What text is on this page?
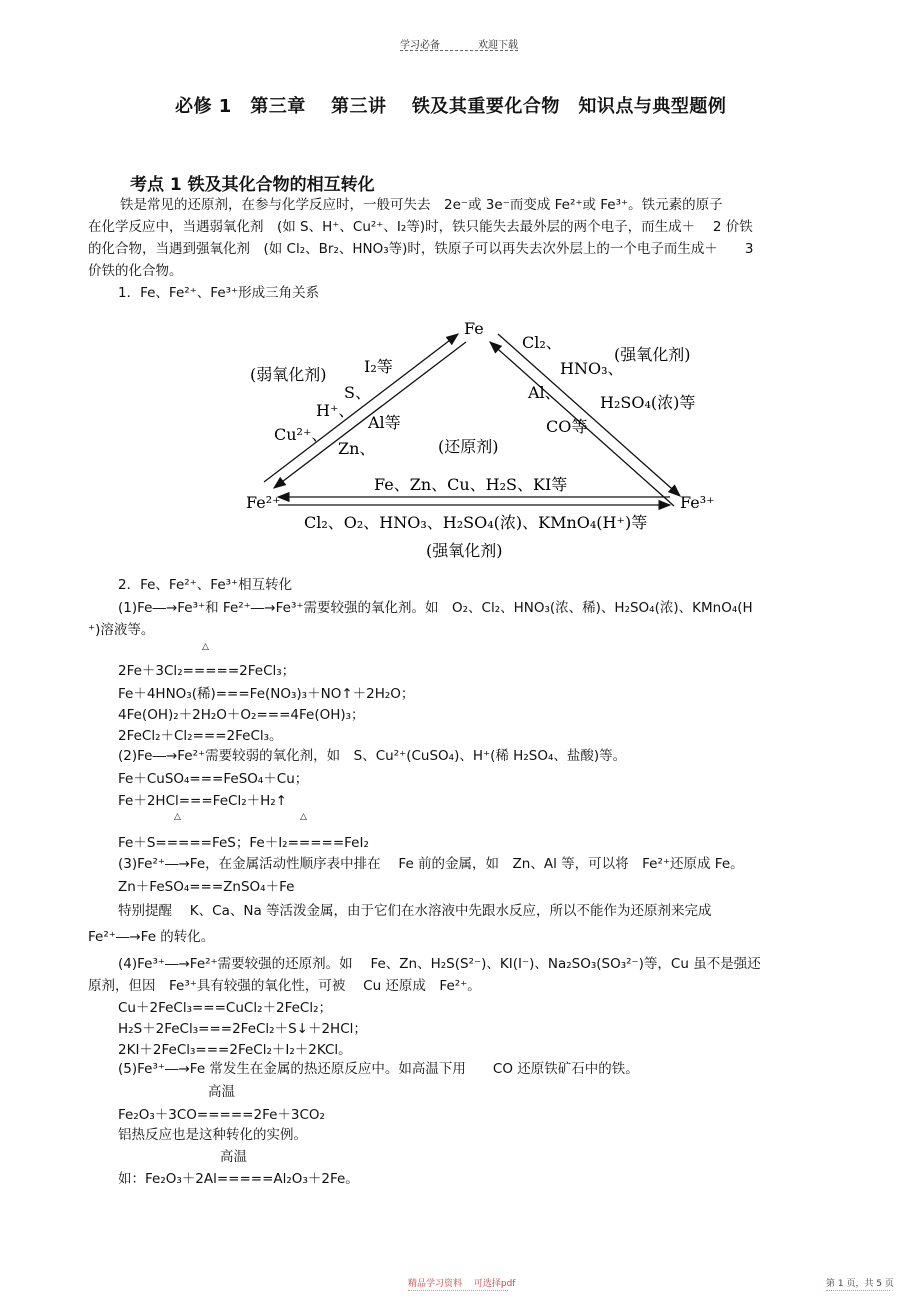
学习必备	欢迎下载
必修 1　第三章　 第三讲　 铁及其重要化合物　知识点与典型题例
考点 1 铁及其化合物的相互转化
铁是常见的还原剂，在参与化学反应时，一般可失去　2e⁻或 3e⁻而变成 Fe²⁺或 Fe³⁺。铁元素的原子
在化学反应中，当遇弱氧化剂　(如 S、H⁺、Cu²⁺、I₂等)时，铁只能失去最外层的两个电子，而生成＋　 2 价铁
的化合物，当遇到强氧化剂　(如 Cl₂、Br₂、HNO₃等)时，铁原子可以再失去次外层上的一个电子而生成＋　　3
价铁的化合物。
1．Fe、Fe²⁺、Fe³⁺形成三角关系
Fe
Fe²⁺	Fe³⁺
(弱氧化剂) I₂等
S、
H⁺、
Cu²⁺、
Al等
Zn、	(还原剂)
Cl₂、
HNO₃、
(强氧化剂)
H₂SO₄(浓)等
Al、
CO等
Fe、Zn、Cu、H₂S、KI等
Cl₂、O₂、HNO₃、H₂SO₄(浓)、KMnO₄(H⁺)等
(强氧化剂)
2．Fe、Fe²⁺、Fe³⁺相互转化
(1)Fe―→Fe³⁺和 Fe²⁺―→Fe³⁺需要较强的氧化剂。如　O₂、Cl₂、HNO₃(浓、稀)、H₂SO₄(浓)、KMnO₄(H
⁺)溶液等。
△
2Fe＋3Cl₂=====2FeCl₃；
Fe＋4HNO₃(稀)===Fe(NO₃)₃＋NO↑＋2H₂O；
4Fe(OH)₂＋2H₂O＋O₂===4Fe(OH)₃；
2FeCl₂＋Cl₂===2FeCl₃。
(2)Fe―→Fe²⁺需要较弱的氧化剂，如　S、Cu²⁺(CuSO₄)、H⁺(稀 H₂SO₄、盐酸)等。
Fe＋CuSO₄===FeSO₄＋Cu；
Fe＋2HCl===FeCl₂＋H₂↑
△	△
Fe＋S=====FeS；Fe＋I₂=====FeI₂
(3)Fe²⁺―→Fe，在金属活动性顺序表中排在　 Fe 前的金属，如　Zn、Al 等，可以将　Fe²⁺还原成 Fe。
Zn＋FeSO₄===ZnSO₄＋Fe
特别提醒　 K、Ca、Na 等活泼金属，由于它们在水溶液中先跟水反应，所以不能作为还原剂来完成
Fe²⁺―→Fe 的转化。
(4)Fe³⁺―→Fe²⁺需要较强的还原剂。如　 Fe、Zn、H₂S(S²⁻)、KI(I⁻)、Na₂SO₃(SO₃²⁻)等，Cu 虽不是强还
原剂，但因　Fe³⁺具有较强的氧化性，可被　 Cu 还原成　Fe²⁺。
Cu＋2FeCl₃===CuCl₂＋2FeCl₂；
H₂S＋2FeCl₃===2FeCl₂＋S↓＋2HCl；
2KI＋2FeCl₃===2FeCl₂＋I₂＋2KCl。
(5)Fe³⁺―→Fe 常发生在金属的热还原反应中。如高温下用　　CO 还原铁矿石中的铁。
高温
Fe₂O₃＋3CO=====2Fe＋3CO₂
铝热反应也是这种转化的实例。
高温
如：Fe₂O₃＋2Al=====Al₂O₃＋2Fe。
精品学习资料　 可选择pdf	第 1 页，共 5 页
